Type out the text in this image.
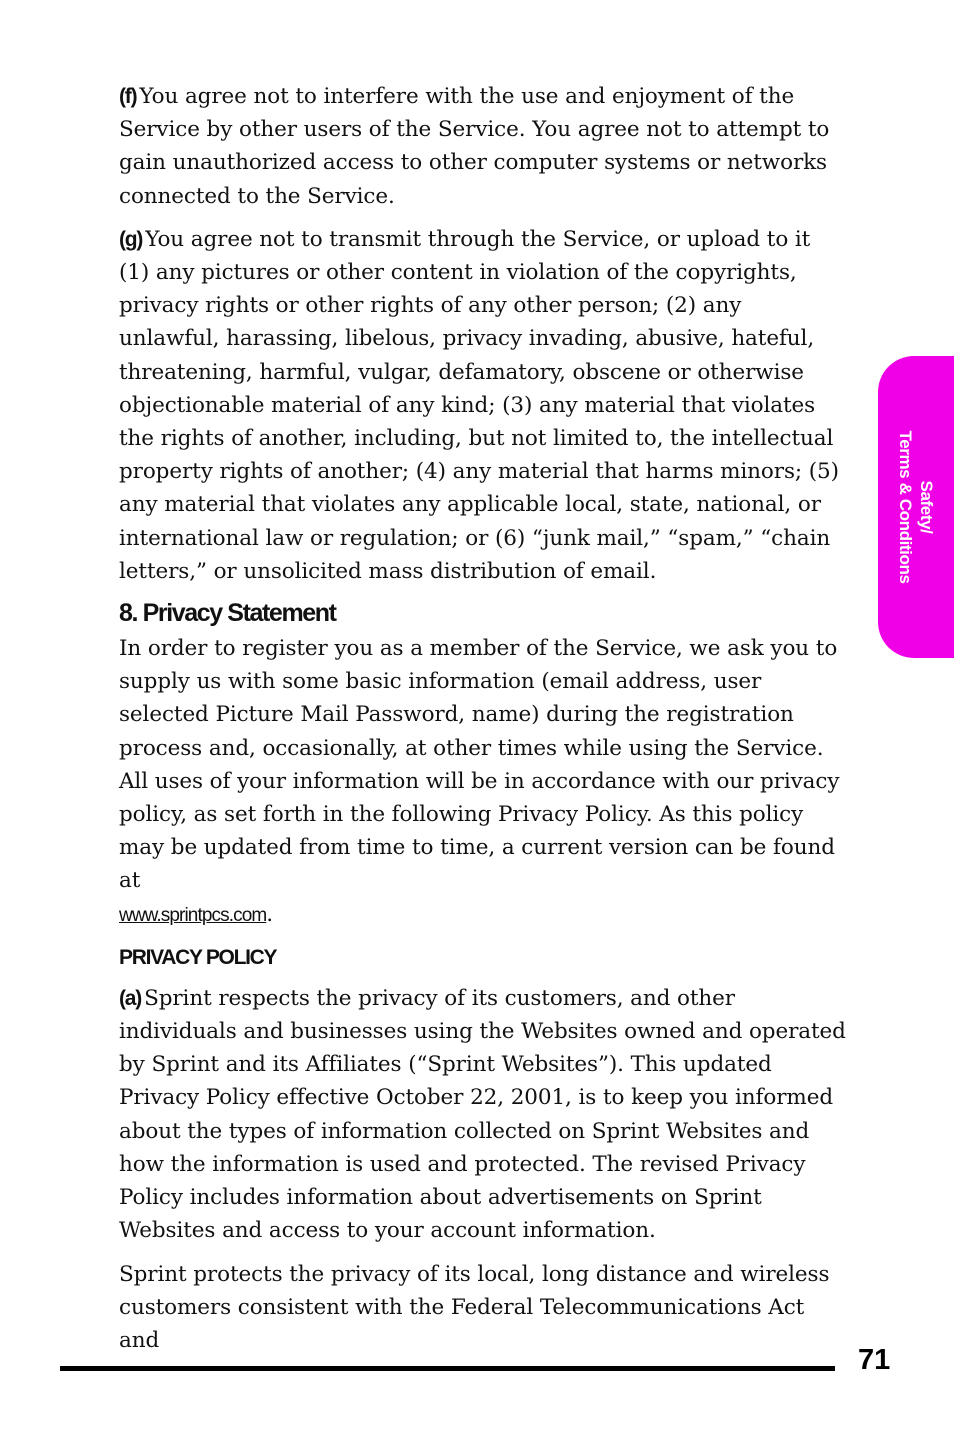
(f) You agree not to interfere with the use and enjoyment of the Service by other users of the Service. You agree not to attempt to gain unauthorized access to other computer systems or networks connected to the Service.

(g) You agree not to transmit through the Service, or upload to it (1) any pictures or other content in violation of the copyrights, privacy rights or other rights of any other person; (2) any unlawful, harassing, libelous, privacy invading, abusive, hateful, threatening, harmful, vulgar, defamatory, obscene or otherwise objectionable material of any kind; (3) any material that violates the rights of another, including, but not limited to, the intellectual property rights of another; (4) any material that harms minors; (5) any material that violates any applicable local, state, national, or international law or regulation; or (6) “junk mail,” “spam,” “chain letters,” or unsolicited mass distribution of email.

8. Privacy Statement

In order to register you as a member of the Service, we ask you to supply us with some basic information (email address, user selected Picture Mail Password, name) during the registration process and, occasionally, at other times while using the Service. All uses of your information will be in accordance with our privacy policy, as set forth in the following Privacy Policy. As this policy may be updated from time to time, a current version can be found at
www.sprintpcs.com.

PRIVACY POLICY

(a) Sprint respects the privacy of its customers, and other individuals and businesses using the Websites owned and operated by Sprint and its Affiliates (“Sprint Websites”). This updated Privacy Policy effective October 22, 2001, is to keep you informed about the types of information collected on Sprint Websites and how the information is used and protected. The revised Privacy Policy includes information about advertisements on Sprint Websites and access to your account information.

Sprint protects the privacy of its local, long distance and wireless customers consistent with the Federal Telecommunications Act and

Safety/
Terms & Conditions
71
